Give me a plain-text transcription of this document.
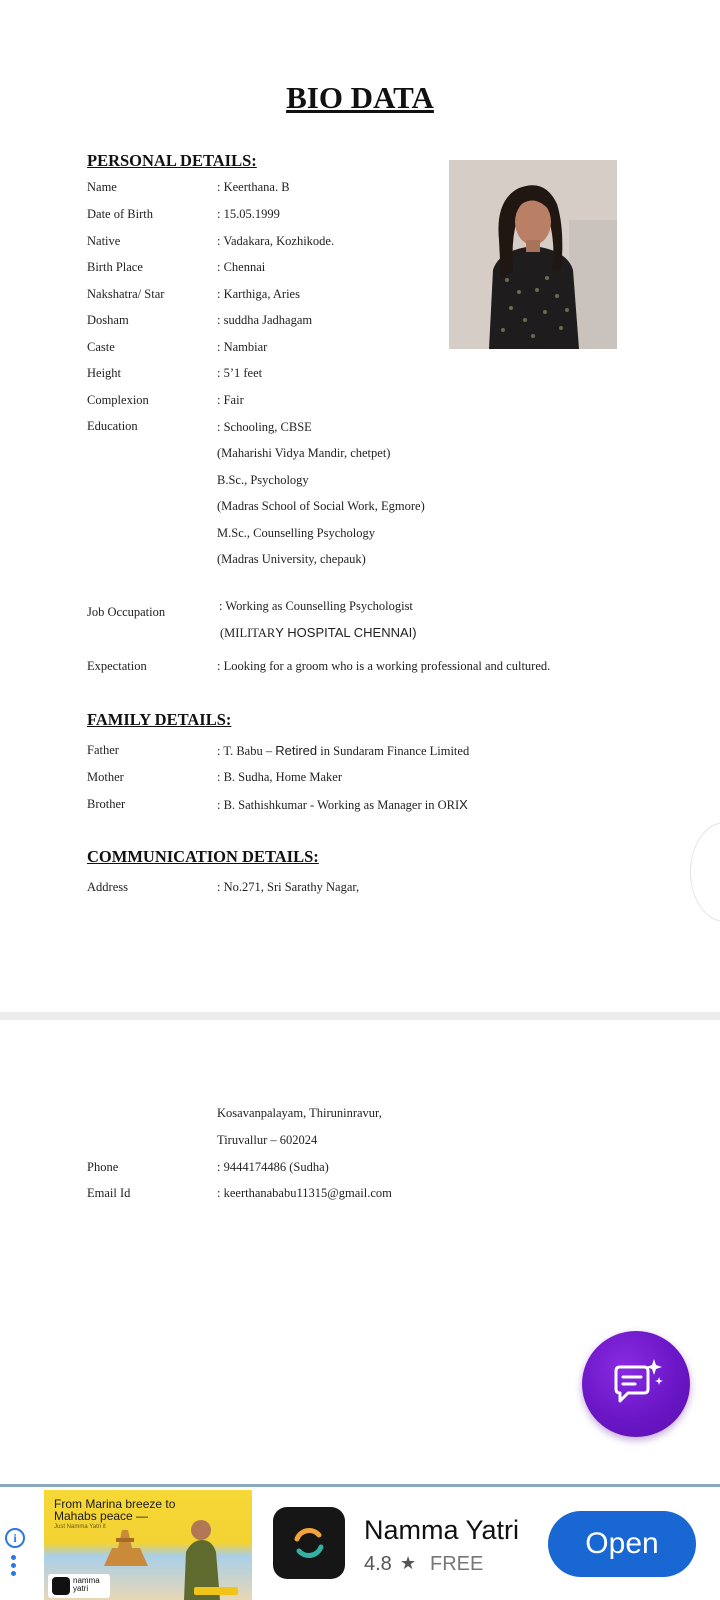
BIO DATA
PERSONAL DETAILS:
Name	: Keerthana. B
Date of Birth	: 15.05.1999
Native	: Vadakara, Kozhikode.
Birth Place	: Chennai
Nakshatra/ Star	: Karthiga, Aries
Dosham	: suddha Jadhagam
Caste	: Nambiar
Height	: 5’1 feet
Complexion	: Fair
Education	: Schooling, CBSE
(Maharishi Vidya Mandir, chetpet)
B.Sc., Psychology
(Madras School of Social Work, Egmore)
M.Sc., Counselling Psychology
(Madras University, chepauk)
Job Occupation	: Working as Counselling Psychologist
(MILITARY HOSPITAL CHENNAI)
Expectation	: Looking for a groom who is a working professional and cultured.
FAMILY DETAILS:
Father	: T. Babu – Retired in Sundaram Finance Limited
Mother	: B. Sudha, Home Maker
Brother	: B. Sathishkumar - Working as Manager in ORIX
COMMUNICATION DETAILS:
Address	: No.271, Sri Sarathy Nagar,
Kosavanpalayam, Thiruninravur,
Tiruvallur – 602024
Phone	: 9444174486 (Sudha)
Email Id	: keerthanababu11315@gmail.com
i
From Marina breeze to
Mahabs peace —
Just Namma Yatri it
namma
yatri
Namma Yatri
4.8 ★ FREE
Open
